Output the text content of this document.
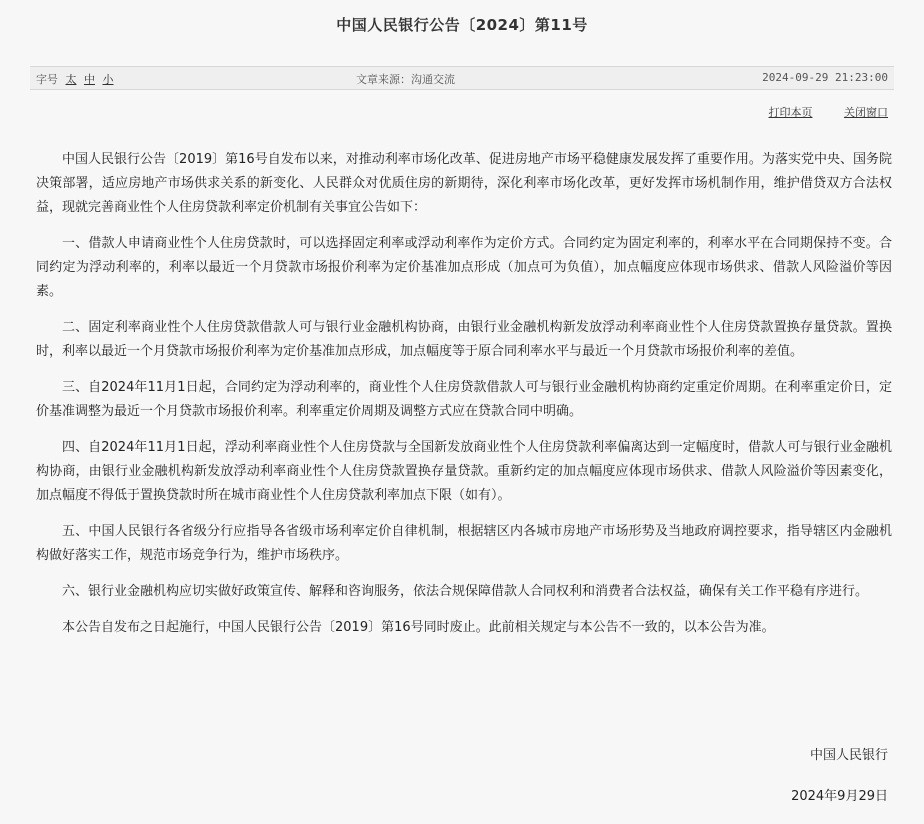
中国人民银行公告〔2024〕第11号
字号 太 中 小	文章来源：沟通交流	2024-09-29 21:23:00
打印本页	关闭窗口

中国人民银行公告〔2019〕第16号自发布以来，对推动利率市场化改革、促进房地产市场平稳健康发展发挥了重要作用。为落实党中央、国务院决策部署，适应房地产市场供求关系的新变化、人民群众对优质住房的新期待，深化利率市场化改革，更好发挥市场机制作用，维护借贷双方合法权益，现就完善商业性个人住房贷款利率定价机制有关事宜公告如下：

一、借款人申请商业性个人住房贷款时，可以选择固定利率或浮动利率作为定价方式。合同约定为固定利率的，利率水平在合同期保持不变。合同约定为浮动利率的，利率以最近一个月贷款市场报价利率为定价基准加点形成（加点可为负值），加点幅度应体现市场供求、借款人风险溢价等因素。

二、固定利率商业性个人住房贷款借款人可与银行业金融机构协商，由银行业金融机构新发放浮动利率商业性个人住房贷款置换存量贷款。置换时，利率以最近一个月贷款市场报价利率为定价基准加点形成，加点幅度等于原合同利率水平与最近一个月贷款市场报价利率的差值。

三、自2024年11月1日起，合同约定为浮动利率的，商业性个人住房贷款借款人可与银行业金融机构协商约定重定价周期。在利率重定价日，定价基准调整为最近一个月贷款市场报价利率。利率重定价周期及调整方式应在贷款合同中明确。

四、自2024年11月1日起，浮动利率商业性个人住房贷款与全国新发放商业性个人住房贷款利率偏离达到一定幅度时，借款人可与银行业金融机构协商，由银行业金融机构新发放浮动利率商业性个人住房贷款置换存量贷款。重新约定的加点幅度应体现市场供求、借款人风险溢价等因素变化，加点幅度不得低于置换贷款时所在城市商业性个人住房贷款利率加点下限（如有）。

五、中国人民银行各省级分行应指导各省级市场利率定价自律机制，根据辖区内各城市房地产市场形势及当地政府调控要求，指导辖区内金融机构做好落实工作，规范市场竞争行为，维护市场秩序。

六、银行业金融机构应切实做好政策宣传、解释和咨询服务，依法合规保障借款人合同权利和消费者合法权益，确保有关工作平稳有序进行。

本公告自发布之日起施行，中国人民银行公告〔2019〕第16号同时废止。此前相关规定与本公告不一致的，以本公告为准。

中国人民银行
2024年9月29日
